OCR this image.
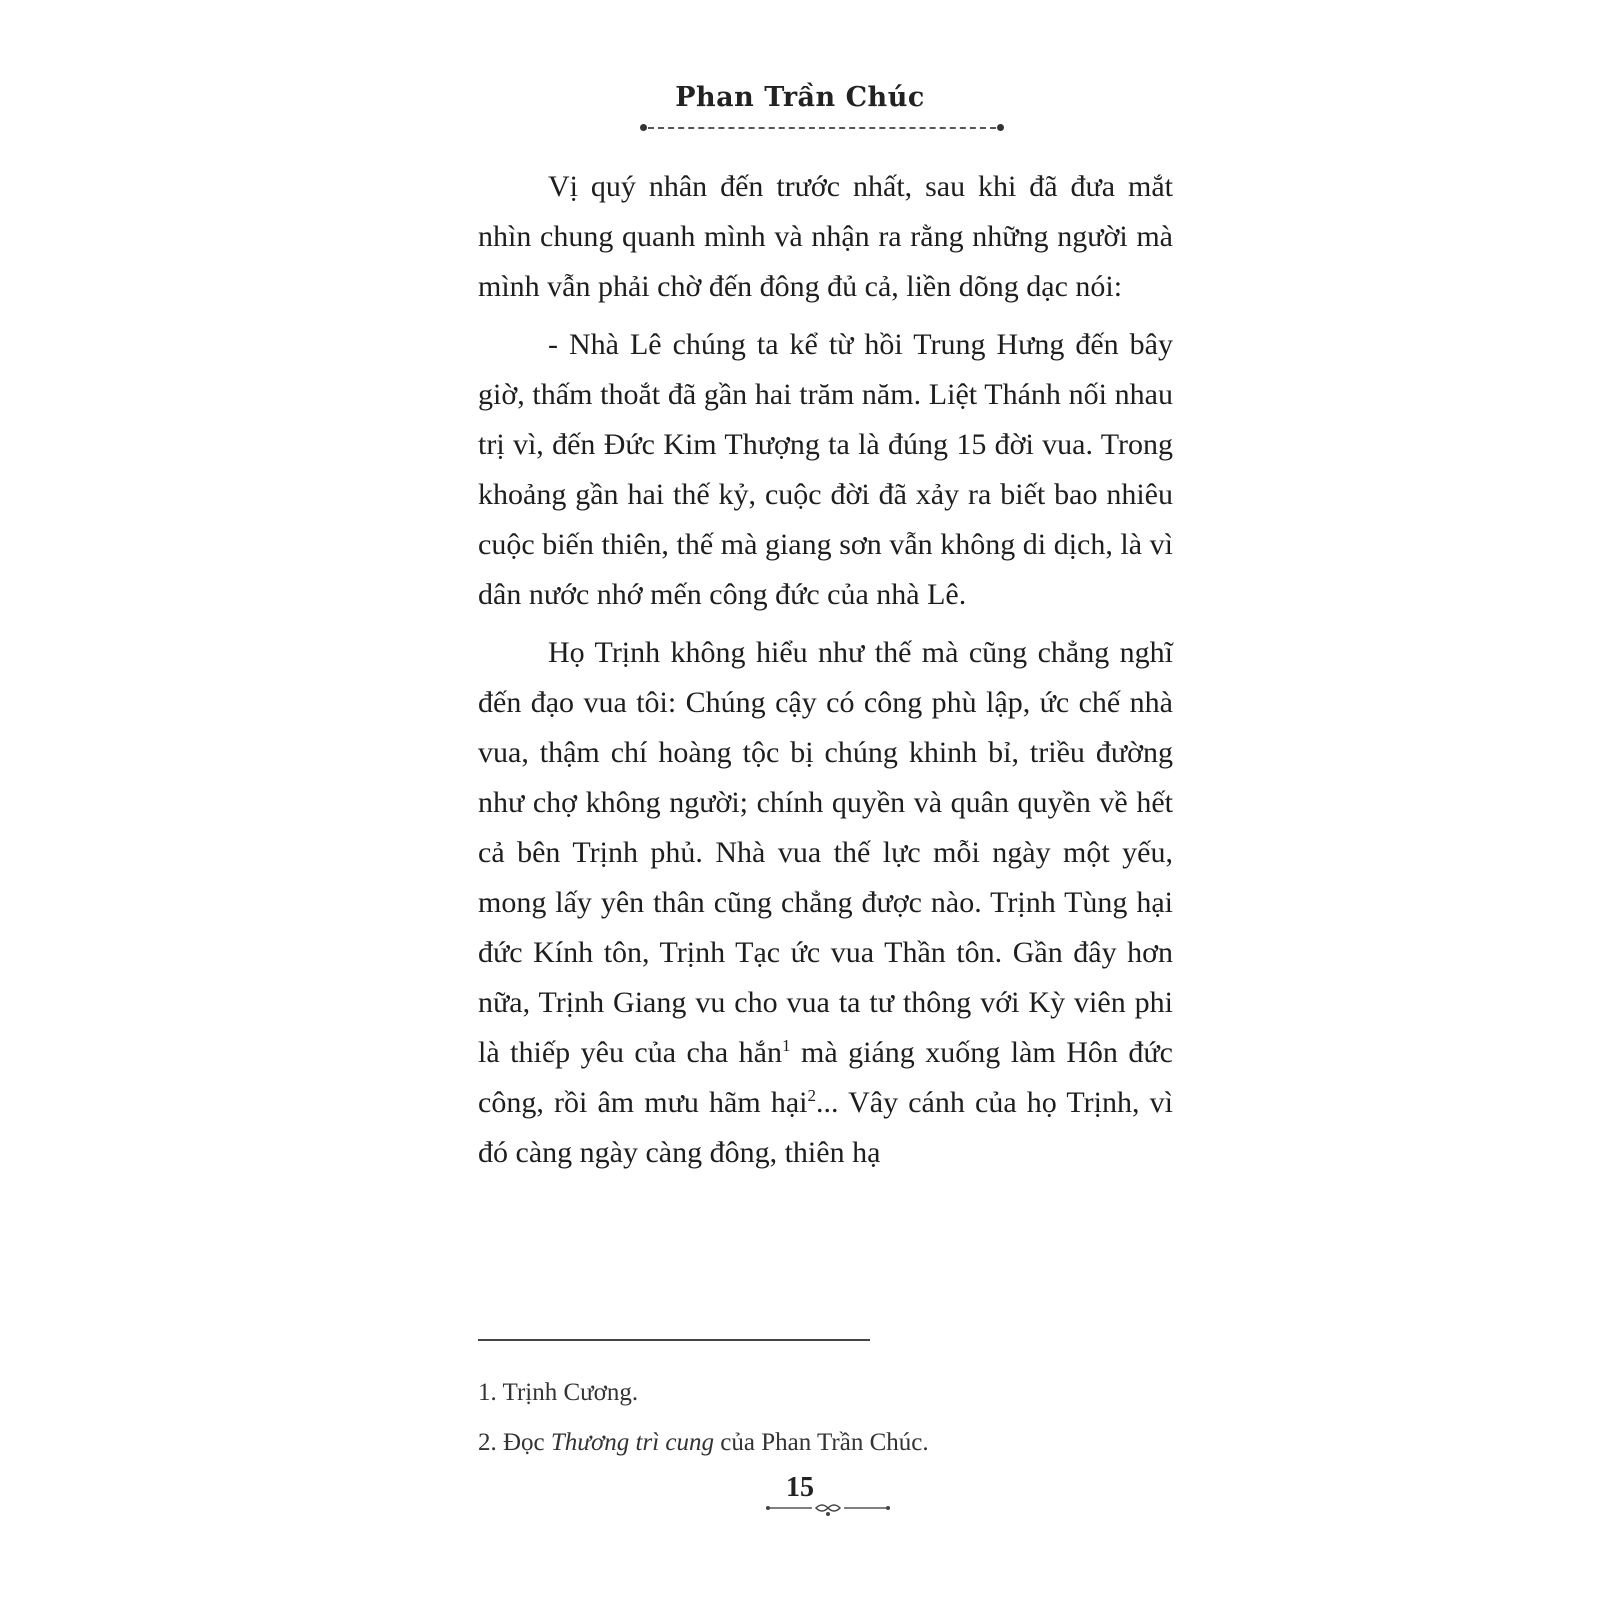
Phan Trần Chúc

Vị quý nhân đến trước nhất, sau khi đã đưa mắt nhìn chung quanh mình và nhận ra rằng những người mà mình vẫn phải chờ đến đông đủ cả, liền dõng dạc nói:

- Nhà Lê chúng ta kể từ hồi Trung Hưng đến bây giờ, thấm thoắt đã gần hai trăm năm. Liệt Thánh nối nhau trị vì, đến Đức Kim Thượng ta là đúng 15 đời vua. Trong khoảng gần hai thế kỷ, cuộc đời đã xảy ra biết bao nhiêu cuộc biến thiên, thế mà giang sơn vẫn không di dịch, là vì dân nước nhớ mến công đức của nhà Lê.

Họ Trịnh không hiểu như thế mà cũng chẳng nghĩ đến đạo vua tôi: Chúng cậy có công phù lập, ức chế nhà vua, thậm chí hoàng tộc bị chúng khinh bỉ, triều đường như chợ không người; chính quyền và quân quyền về hết cả bên Trịnh phủ. Nhà vua thế lực mỗi ngày một yếu, mong lấy yên thân cũng chẳng được nào. Trịnh Tùng hại đức Kính tôn, Trịnh Tạc ức vua Thần tôn. Gần đây hơn nữa, Trịnh Giang vu cho vua ta tư thông với Kỳ viên phi là thiếp yêu của cha hắn$^1$ mà giáng xuống làm Hôn đức công, rồi âm mưu hãm hại$^2$... Vây cánh của họ Trịnh, vì đó càng ngày càng đông, thiên hạ

1. Trịnh Cương.

2. Đọc Thương trì cung của Phan Trần Chúc.

15
